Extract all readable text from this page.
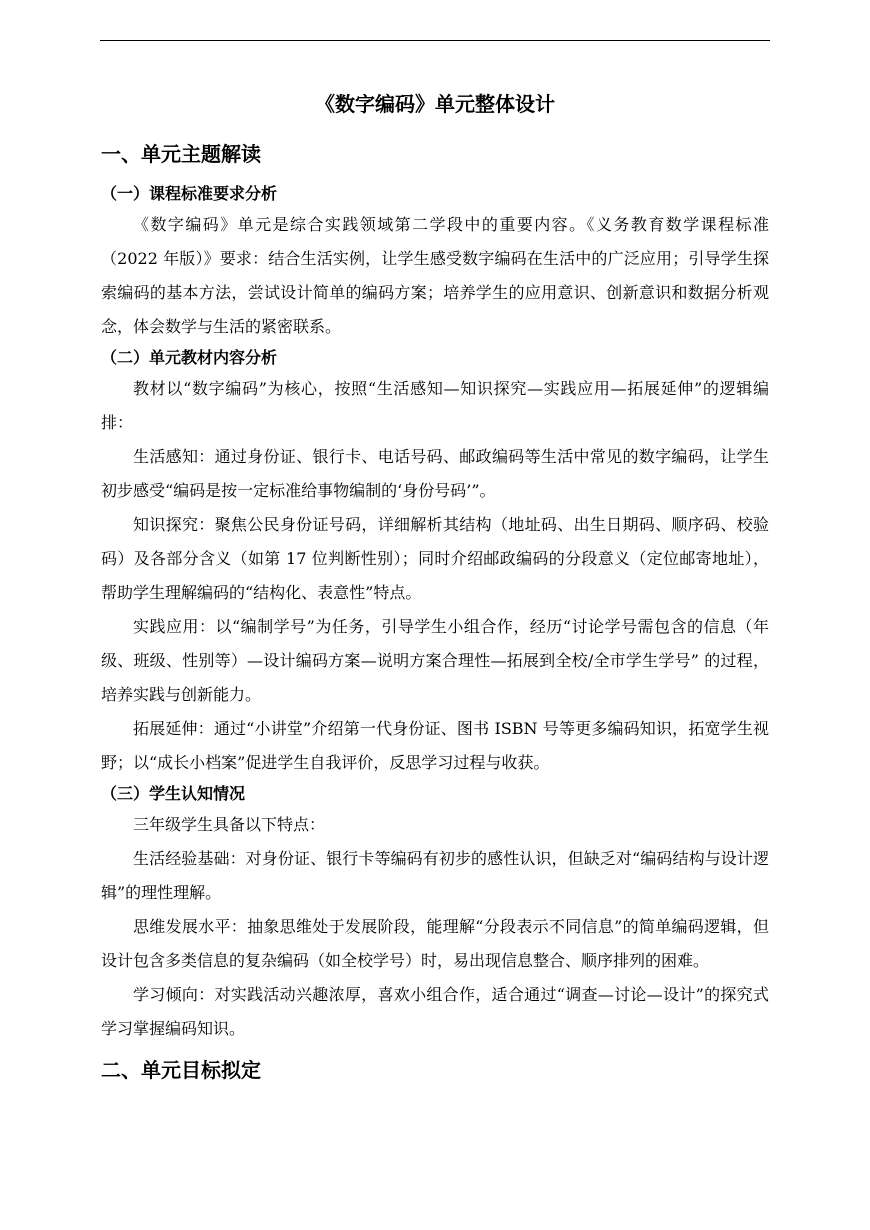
《数字编码》单元整体设计
一、单元主题解读
（一）课程标准要求分析

《数字编码》单元是综合实践领域第二学段中的重要内容。《义务教育数学课程标准（2022 年版）》要求：结合生活实例，让学生感受数字编码在生活中的广泛应用；引导学生探索编码的基本方法，尝试设计简单的编码方案；培养学生的应用意识、创新意识和数据分析观念，体会数学与生活的紧密联系。

（二）单元教材内容分析

教材以“数字编码”为核心，按照“生活感知—知识探究—实践应用—拓展延伸”的逻辑编排：

生活感知：通过身份证、银行卡、电话号码、邮政编码等生活中常见的数字编码，让学生初步感受“编码是按一定标准给事物编制的‘身份号码’”。

知识探究：聚焦公民身份证号码，详细解析其结构（地址码、出生日期码、顺序码、校验码）及各部分含义（如第 17 位判断性别）；同时介绍邮政编码的分段意义（定位邮寄地址），帮助学生理解编码的“结构化、表意性”特点。

实践应用：以“编制学号”为任务，引导学生小组合作，经历“讨论学号需包含的信息（年级、班级、性别等）—设计编码方案—说明方案合理性—拓展到全校/全市学生学号” 的过程，培养实践与创新能力。

拓展延伸：通过“小讲堂”介绍第一代身份证、图书 ISBN 号等更多编码知识，拓宽学生视野；以“成长小档案”促进学生自我评价，反思学习过程与收获。

（三）学生认知情况

三年级学生具备以下特点：

生活经验基础：对身份证、银行卡等编码有初步的感性认识，但缺乏对“编码结构与设计逻辑”的理性理解。

思维发展水平：抽象思维处于发展阶段，能理解“分段表示不同信息”的简单编码逻辑，但设计包含多类信息的复杂编码（如全校学号）时，易出现信息整合、顺序排列的困难。

学习倾向：对实践活动兴趣浓厚，喜欢小组合作，适合通过“调查—讨论—设计”的探究式学习掌握编码知识。

二、单元目标拟定
